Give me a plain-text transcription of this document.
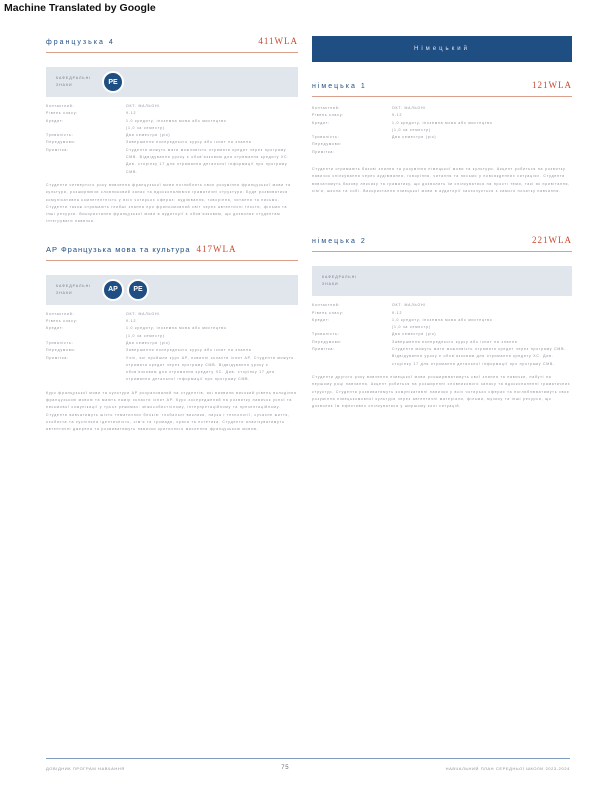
Machine Translated by Google
французька 4	411WLA
КАФЕДРАЛЬНІ ЗНАКИ	PE
Контактний:	ОКТ. МАЛЬОНІ
Рівень класу:	9-12
Кредит:	1,0 кредиту, іноземна мова або мистецтво
(1,0 за семестр)
Тривалість:	Два семестри (рік)
Передумови:	Завершення попереднього курсу або іспит на знання
Примітка:	Студенти можуть мати можливість отримати кредит через програму СМВ. Відвідування уроку є обов'язковим для отримання кредиту ХС. Див. сторінку 17 для отримання детальної інформації про програму СМВ.
Студенти четвертого року вивчення французької мови поглиблять своє розуміння французької мови та культури, розширюючи словниковий запас та вдосконалюючи граматичні структури. Буде розвиватися комунікативна компетентність у всіх чотирьох сферах: аудіювання, говоріння, читання та письмо. Студенти також отримають глибші знання про франкомовний світ через автентичні тексти, фільми та інші ресурси. Використання французької мови в аудиторії є обов'язковим, що дозволяє студентам інтегрувати навички.
AP Французька мова та культура 417WLA
КАФЕДРАЛЬНІ ЗНАКИ	AP	PE
Контактний:	ОКТ. МАЛЬОНІ
Рівень класу:	9-12
Кредит:	1,0 кредиту, іноземна мова або мистецтво
(1,0 за семестр)
Тривалість:	Два семестри (рік)
Передумови:	Завершення попереднього курсу або іспит на знання
Примітка:	Учні, які пройшли курс AP, повинні скласти іспит AP. Студенти можуть отримати кредит через програму СМВ. Відвідування уроку є обов'язковим для отримання кредиту ХС. Див. сторінку 17 для отримання детальної інформації про програму СМВ.
Курс французької мови та культури AP розрахований на студентів, які виявили високий рівень володіння французькою мовою та мають намір скласти іспит AP. Курс зосереджений на розвитку навичок усної та письмової комунікації у трьох режимах: міжособистісному, інтерпретаційному та презентаційному. Студенти вивчатимуть шість тематичних блоків: глобальні виклики, наука і технології, сучасне життя, особиста та суспільна ідентичність, сім'я та громади, краса та естетика. Студенти аналізуватимуть автентичні джерела та розвиватимуть навички критичного мислення французькою мовою.
Німецький
німецька 1	121WLA
Контактний:	ОКТ. МАЛЬОНІ
Рівень класу:	9-12
Кредит:	1,0 кредиту, іноземна мова або мистецтво
(1,0 за семестр)
Тривалість:	Два семестри (рік)
Передумови:
Примітка:
Студенти отримають базові знання та розуміння німецької мови та культури. Акцент робиться на розвитку навичок спілкування через аудіювання, говоріння, читання та письмо у повсякденних ситуаціях. Студенти вивчатимуть базову лексику та граматику, що дозволить їм спілкуватися на прості теми, такі як привітання, сім'я, школа та хобі. Використання німецької мови в аудиторії заохочується з самого початку навчання.
німецька 2	221WLA
КАФЕДРАЛЬНІ ЗНАКИ
Контактний:	ОКТ. МАЛЬОНІ
Рівень класу:	9-12
Кредит:	1,0 кредиту, іноземна мова або мистецтво
(1,0 за семестр)
Тривалість:	Два семестри (рік)
Передумови:	Завершення попереднього курсу або іспит на знання
Примітка:	Студенти можуть мати можливість отримати кредит через програму СМВ. Відвідування уроку є обов'язковим для отримання кредиту ХС. Див. сторінку 17 для отримання детальної інформації про програму СМВ.
Студенти другого року вивчення німецької мови розширюватимуть свої знання та навички, набуті на першому році навчання. Акцент робиться на розширенні словникового запасу та вдосконаленні граматичних структур. Студенти розвиватимуть комунікативні навички у всіх чотирьох сферах та поглиблюватимуть своє розуміння німецькомовної культури через автентичні матеріали, фільми, музику та інші ресурси, що дозволяє їм ефективно спілкуватися у ширшому колі ситуацій.
ДОВІДНИК ПРОГРАМ НАВЧАННЯ	75	НАВЧАЛЬНИЙ ПЛАН СЕРЕДНЬОЇ ШКОЛИ 2023-2024
